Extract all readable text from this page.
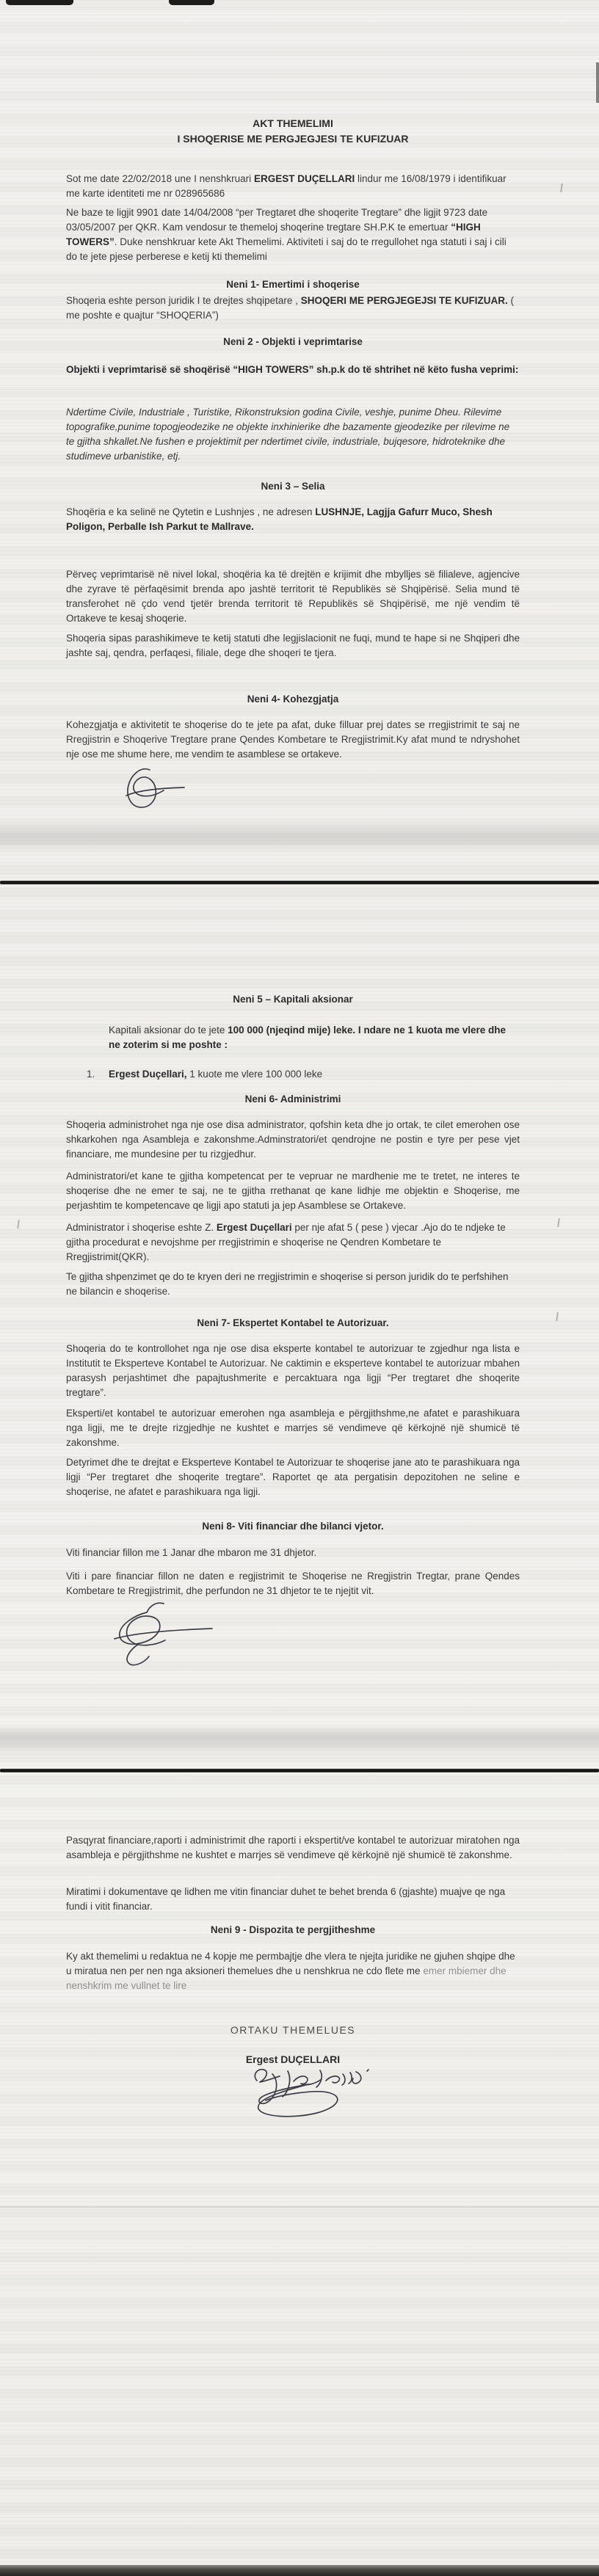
AKT THEMELIMI
I SHOQERISE ME PERGJEGJESI TE KUFIZUAR
Sot me date 22/02/2018 une I nenshkruari ERGEST DUÇELLARI lindur me 16/08/1979 i identifikuar me karte identiteti me nr 028965686
Ne baze te ligjit 9901 date 14/04/2008 “per Tregtaret dhe shoqerite Tregtare” dhe ligjit 9723 date 03/05/2007 per QKR. Kam vendosur te themeloj shoqerine tregtare SH.P.K te emertuar “HIGH TOWERS”. Duke nenshkruar kete Akt Themelimi. Aktiviteti i saj do te rregullohet nga statuti i saj i cili do te jete pjese perberese e ketij kti themelimi
Neni 1- Emertimi i shoqerise
Shoqeria eshte person juridik I te drejtes shqipetare , SHOQERI ME PERGJEGEJSI TE KUFIZUAR. ( me poshte e quajtur “SHOQERIA”)
Neni 2 - Objekti i veprimtarise
Objekti i veprimtarisë së shoqërisë “HIGH TOWERS” sh.p.k do të shtrihet në këto fusha veprimi:
Ndertime Civile, Industriale , Turistike, Rikonstruksion godina Civile, veshje, punime Dheu. Rilevime topografike,punime topogjeodezike ne objekte inxhinierike dhe bazamente gjeodezike per rilevime ne te gjitha shkallet.Ne fushen e projektimit per ndertimet civile, industriale, bujqesore, hidroteknike dhe studimeve urbanistike, etj.
Neni 3 – Selia
Shoqëria e ka selinë ne Qytetin e Lushnjes , ne adresen LUSHNJE, Lagjja Gafurr Muco, Shesh Poligon, Perballe Ish Parkut te Mallrave.
Përveç veprimtarisë në nivel lokal, shoqëria ka të drejtën e krijimit dhe mbylljes së filialeve, agjencive dhe zyrave të përfaqësimit brenda apo jashtë territorit të Republikës së Shqipërisë. Selia mund të transferohet në çdo vend tjetër brenda territorit të Republikës së Shqipërisë, me një vendim të Ortakeve te kesaj shoqerie.
Shoqeria sipas parashikimeve te ketij statuti dhe legjislacionit ne fuqi, mund te hape si ne Shqiperi dhe jashte saj, qendra, perfaqesi, filiale, dege dhe shoqeri te tjera.
Neni 4- Kohezgjatja
Kohezgjatja e aktivitetit te shoqerise do te jete pa afat, duke filluar prej dates se rregjistrimit te saj ne Rregjistrin e Shoqerive Tregtare prane Qendes Kombetare te Rregjistrimit.Ky afat mund te ndryshohet nje ose me shume here, me vendim te asamblese se ortakeve.
Neni 5 – Kapitali aksionar
Kapitali aksionar do te jete 100 000 (njeqind mije) leke. I ndare ne 1 kuota me vlere dhe ne zoterim si me poshte :
1.	Ergest Duçellari, 1 kuote me vlere 100 000 leke
Neni 6- Administrimi
Shoqeria administrohet nga nje ose disa administrator, qofshin keta dhe jo ortak, te cilet emerohen ose shkarkohen nga Asambleja e zakonshme.Adminstratori/et qendrojne ne postin e tyre per pese vjet financiare, me mundesine per tu rizgjedhur.
Administratori/et kane te gjitha kompetencat per te vepruar ne mardhenie me te tretet, ne interes te shoqerise dhe ne emer te saj, ne te gjitha rrethanat qe kane lidhje me objektin e Shoqerise, me perjashtim te kompetencave qe ligji apo statuti ja jep Asamblese se Ortakeve.
Administrator i shoqerise eshte Z. Ergest Duçellari per nje afat 5 ( pese ) vjecar .Ajo do te ndjeke te gjitha procedurat e nevojshme per rregjistrimin e shoqerise ne Qendren Kombetare te Rregjistrimit(QKR).
Te gjitha shpenzimet qe do te kryen deri ne rregjistrimin e shoqerise si person juridik do te perfshihen ne bilancin e shoqerise.
Neni 7- Ekspertet Kontabel te Autorizuar.
Shoqeria do te kontrollohet nga nje ose disa eksperte kontabel te autorizuar te zgjedhur nga lista e Institutit te Eksperteve Kontabel te Autorizuar. Ne caktimin e eksperteve kontabel te autorizuar mbahen parasysh perjashtimet dhe papajtushmerite e percaktuara nga ligji “Per tregtaret dhe shoqerite tregtare”.
Eksperti/et kontabel te autorizuar emerohen nga asambleja e përgjithshme,ne afatet e parashikuara nga ligji, me te drejte rizgjedhje ne kushtet e marrjes së vendimeve që kërkojnë një shumicë të zakonshme.
Detyrimet dhe te drejtat e Eksperteve Kontabel te Autorizuar te shoqerise jane ato te parashikuara nga ligji “Per tregtaret dhe shoqerite tregtare”. Raportet qe ata pergatisin depozitohen ne seline e shoqerise, ne afatet e parashikuara nga ligji.
Neni 8- Viti financiar dhe bilanci vjetor.
Viti financiar fillon me 1 Janar dhe mbaron me 31 dhjetor.
Viti i pare financiar fillon ne daten e regjistrimit te Shoqerise ne Rregjistrin Tregtar, prane Qendes Kombetare te Rregjistrimit, dhe perfundon ne 31 dhjetor te te njejtit vit.
Pasqyrat financiare,raporti i administrimit dhe raporti i ekspertit/ve kontabel te autorizuar miratohen nga asambleja e përgjithshme ne kushtet e marrjes së vendimeve që kërkojnë një shumicë të zakonshme.
Miratimi i dokumentave qe lidhen me vitin financiar duhet te behet brenda 6 (gjashte) muajve qe nga fundi i vitit financiar.
Neni 9 - Dispozita te pergjitheshme
Ky akt themelimi u redaktua ne 4 kopje me permbajtje dhe vlera te njejta juridike ne gjuhen shqipe dhe u miratua nen per nen nga aksioneri themelues dhe u nenshkrua ne cdo flete me emer mbiemer dhe nenshkrim me vullnet te lire
ORTAKU THEMELUES
Ergest DUÇELLARI
